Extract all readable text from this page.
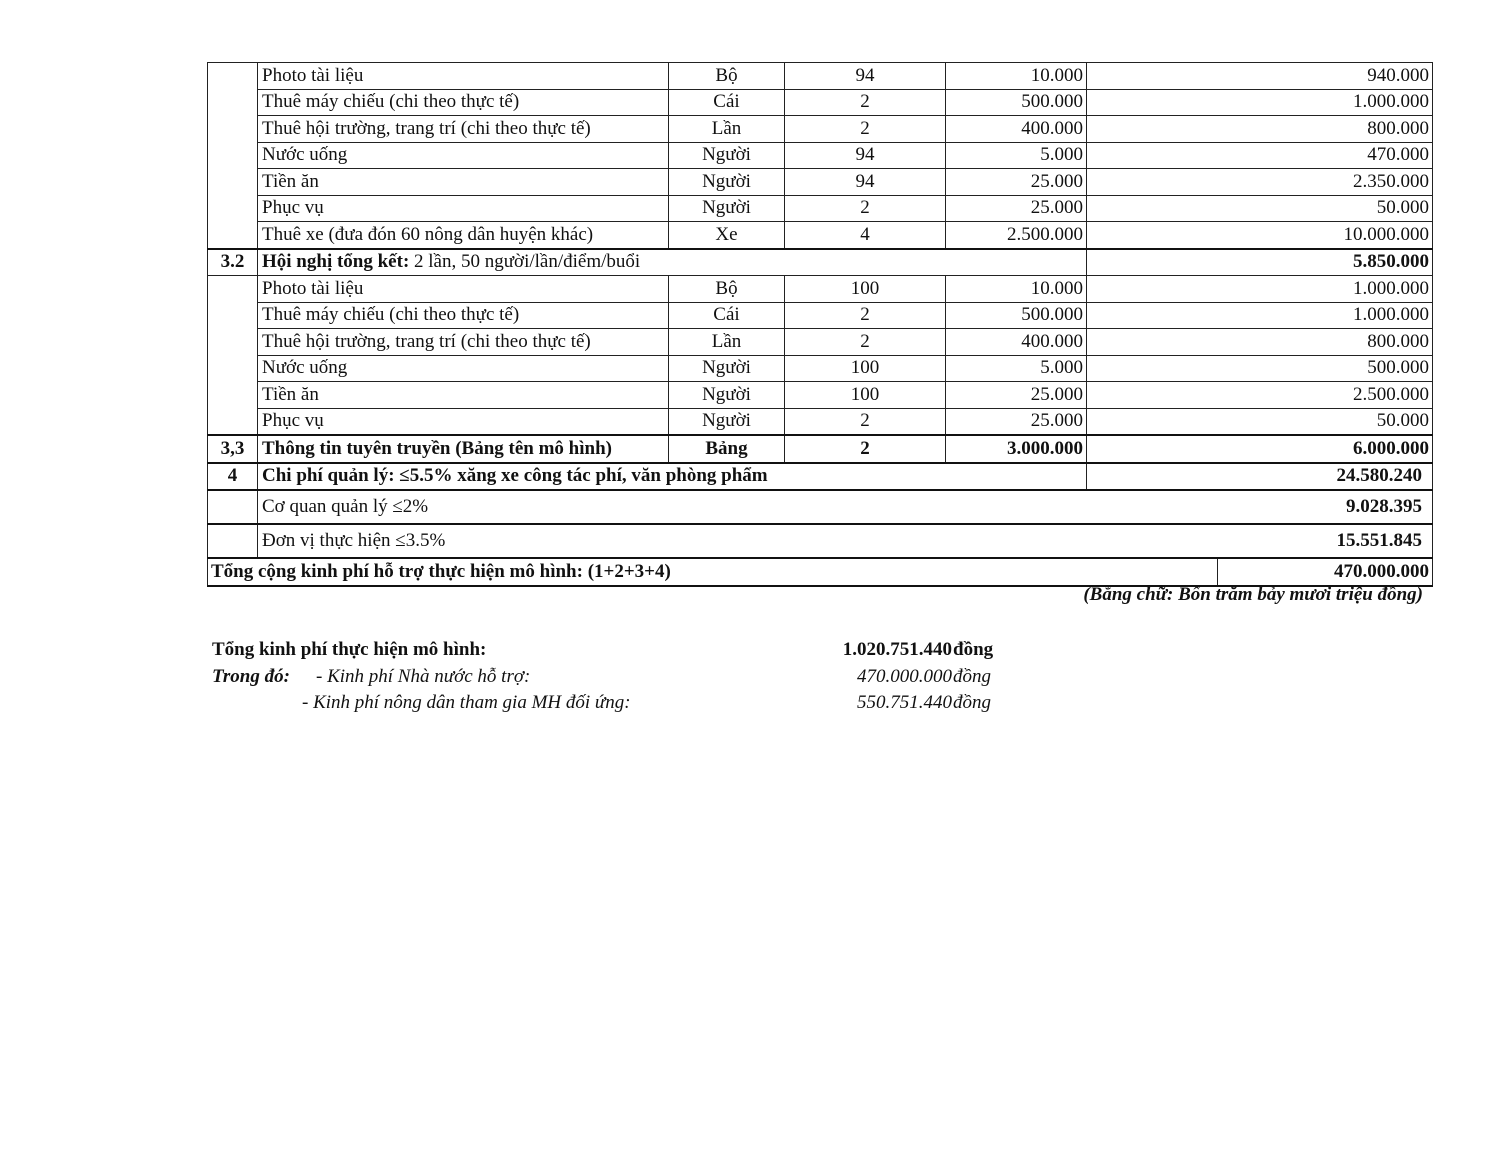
	Photo tài liệu	Bộ	94	10.000	940.000	
	Thuê máy chiếu (chi theo thực tế)	Cái	2	500.000	1.000.000	
	Thuê hội trường, trang trí (chi theo thực tế)	Lần	2	400.000	800.000	
	Nước uống	Người	94	5.000	470.000	
	Tiền ăn	Người	94	25.000	2.350.000	
	Phục vụ	Người	2	25.000	50.000	
	Thuê xe (đưa đón 60 nông dân huyện khác)	Xe	4	2.500.000	10.000.000	
3.2	Hội nghị tổng kết: 2 lần, 50 người/lần/điểm/buổi				5.850.000	
	Photo tài liệu	Bộ	100	10.000	1.000.000	
	Thuê máy chiếu (chi theo thực tế)	Cái	2	500.000	1.000.000	
	Thuê hội trường, trang trí (chi theo thực tế)	Lần	2	400.000	800.000	
	Nước uống	Người	100	5.000	500.000	
	Tiền ăn	Người	100	25.000	2.500.000	
	Phục vụ	Người	2	25.000	50.000	
3,3	Thông tin tuyên truyền (Bảng tên mô hình)	Bảng	2	3.000.000	6.000.000	
4	Chi phí quản lý: ≤5.5% xăng xe công tác phí, văn phòng phẩm				24.580.240	
	Cơ quan quản lý ≤2%				9.028.395	
	Đơn vị thực hiện ≤3.5%				15.551.845	
Tổng cộng kinh phí hỗ trợ thực hiện mô hình: (1+2+3+4)						470.000.000
(Bằng chữ: Bốn trăm bảy mươi triệu đồng)
Tổng kinh phí thực hiện mô hình:	1.020.751.440 đồng
Trong đó: - Kinh phí Nhà nước hỗ trợ:	470.000.000 đồng
- Kinh phí nông dân tham gia MH đối ứng:	550.751.440 đồng
